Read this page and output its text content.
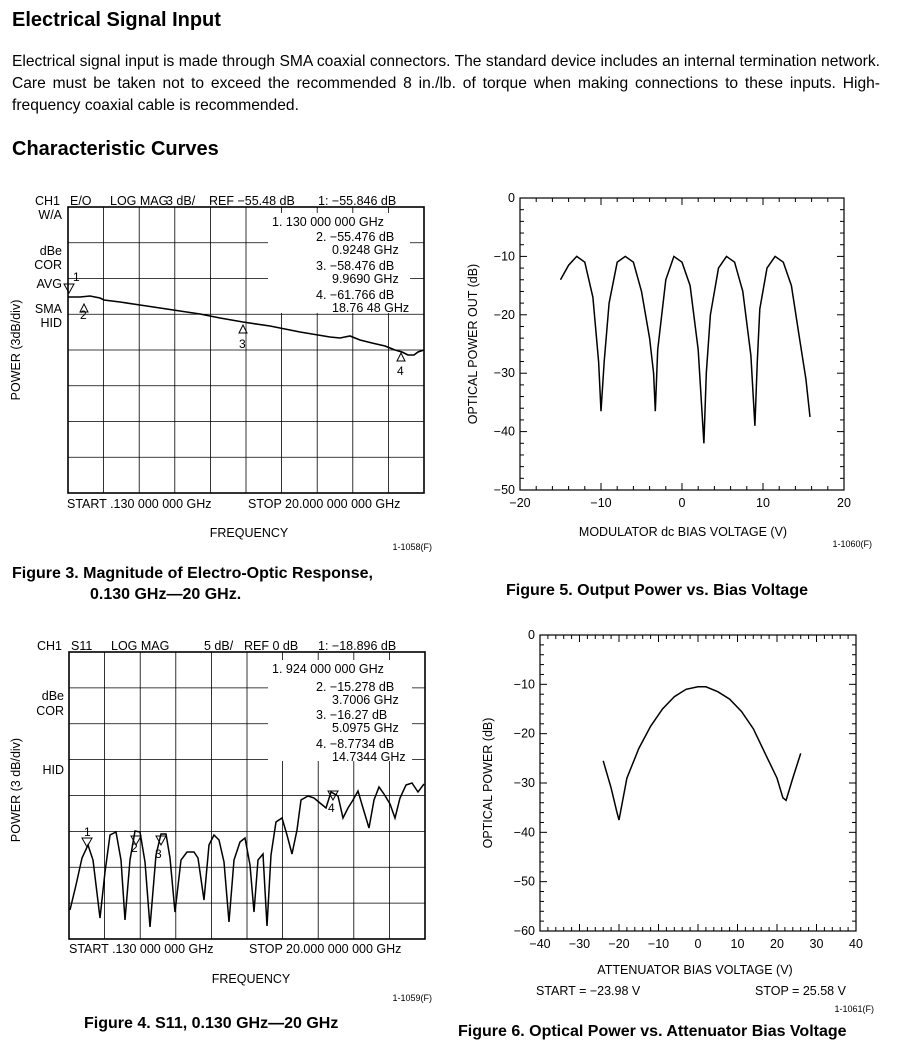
Electrical Signal Input

Electrical signal input is made through SMA coaxial connectors. The standard device includes an internal termination network. Care must be taken not to exceed the recommended 8 in./lb. of torque when making connections to these inputs. High-frequency coaxial cable is recommended.

Characteristic Curves
CH1 E/O LOG MAG
3 dB/ REF −55.48 dB 1: −55.846 dB
W/A
dBe
COR
AVG
SMA
HID
1. 130 000 000 GHz
2. −55.476 dB
0.9248 GHz
3. −58.476 dB
9.9690 GHz
4. −61.766 dB
18.76 48 GHz
1
2
3
4
POWER (3dB/div)
START .130 000 000 GHz	STOP 20.000 000 000 GHz
FREQUENCY
1-1058(F)
Figure 3. Magnitude of Electro-Optic Response,
0.130 GHz—20 GHz.
CH1 S11 LOG MAG	5 dB/ REF 0 dB 1: −18.896 dB
dBe
COR
HID
1. 924 000 000 GHz
2. −15.278 dB
3.7006 GHz
3. −16.27 dB
5.0975 GHz
4. −8.7734 dB
14.7344 GHz
1
2 3
4
POWER (3 dB/div)
START .130 000 000 GHz	STOP 20.000 000 000 GHz
FREQUENCY
1-1059(F)
Figure 4. S11, 0.130 GHz—20 GHz
−20	−10	0	10	20
0
−10
−20
−30
−40
−50
OPTICAL POWER OUT (dB)
MODULATOR dc BIAS VOLTAGE (V)
1-1060(F)
Figure 5. Output Power vs. Bias Voltage
−40 −30 −20 −10 0 10 20 30 40
0
−10
−20
−30
−40
−50
−60
OPTICAL POWER (dB)
ATTENUATOR BIAS VOLTAGE (V)
START = −23.98 V	STOP = 25.58 V
1-1061(F)
Figure 6. Optical Power vs. Attenuator Bias Voltage
